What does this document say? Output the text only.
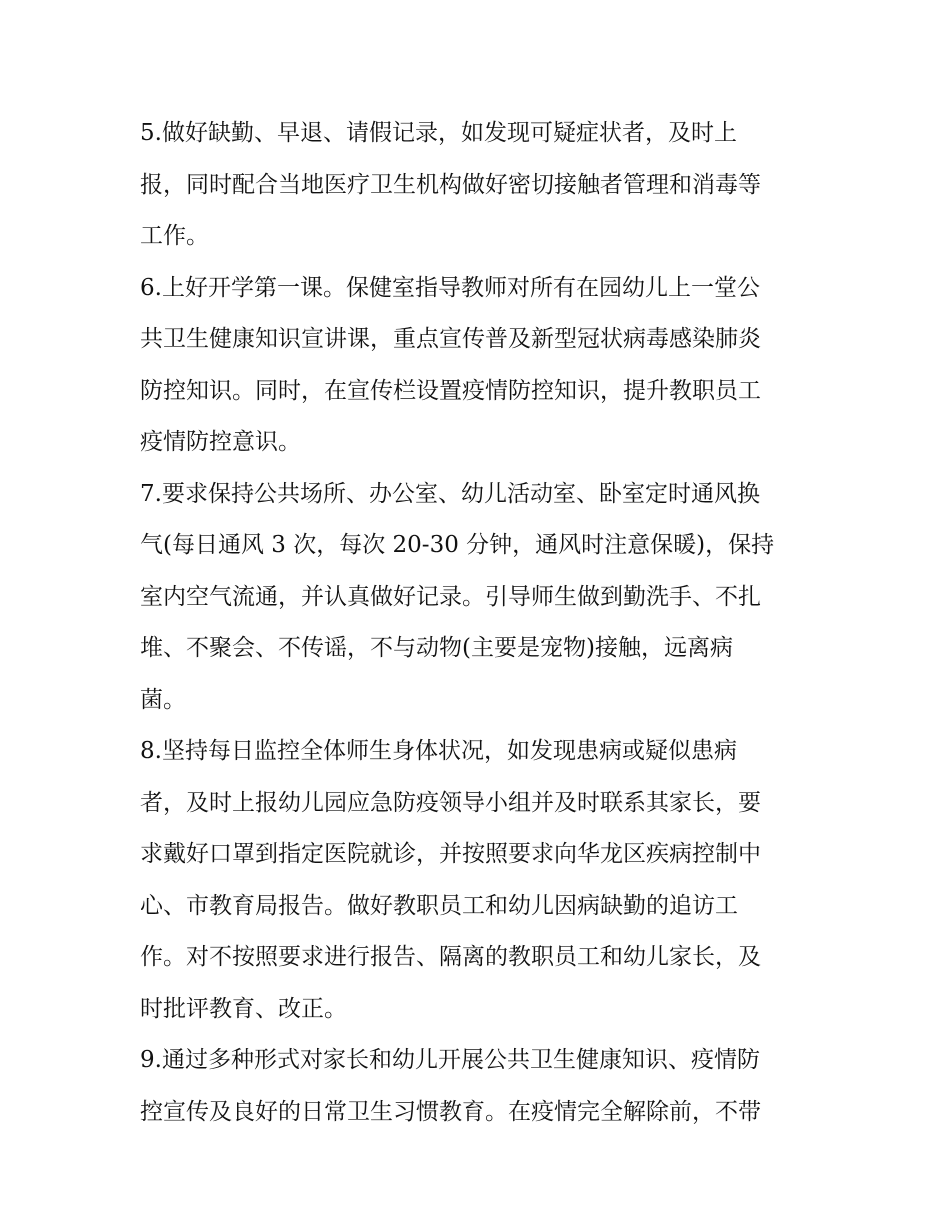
5.做好缺勤、早退、请假记录，如发现可疑症状者，及时上
报，同时配合当地医疗卫生机构做好密切接触者管理和消毒等
工作。
6.上好开学第一课。保健室指导教师对所有在园幼儿上一堂公
共卫生健康知识宣讲课，重点宣传普及新型冠状病毒感染肺炎
防控知识。同时，在宣传栏设置疫情防控知识，提升教职员工
疫情防控意识。
7.要求保持公共场所、办公室、幼儿活动室、卧室定时通风换
气(每日通风 3 次，每次 20-30 分钟，通风时注意保暖)，保持
室内空气流通，并认真做好记录。引导师生做到勤洗手、不扎
堆、不聚会、不传谣，不与动物(主要是宠物)接触，远离病
菌。
8.坚持每日监控全体师生身体状况，如发现患病或疑似患病
者，及时上报幼儿园应急防疫领导小组并及时联系其家长，要
求戴好口罩到指定医院就诊，并按照要求向华龙区疾病控制中
心、市教育局报告。做好教职员工和幼儿因病缺勤的追访工
作。对不按照要求进行报告、隔离的教职员工和幼儿家长，及
时批评教育、改正。
9.通过多种形式对家长和幼儿开展公共卫生健康知识、疫情防
控宣传及良好的日常卫生习惯教育。在疫情完全解除前，不带
